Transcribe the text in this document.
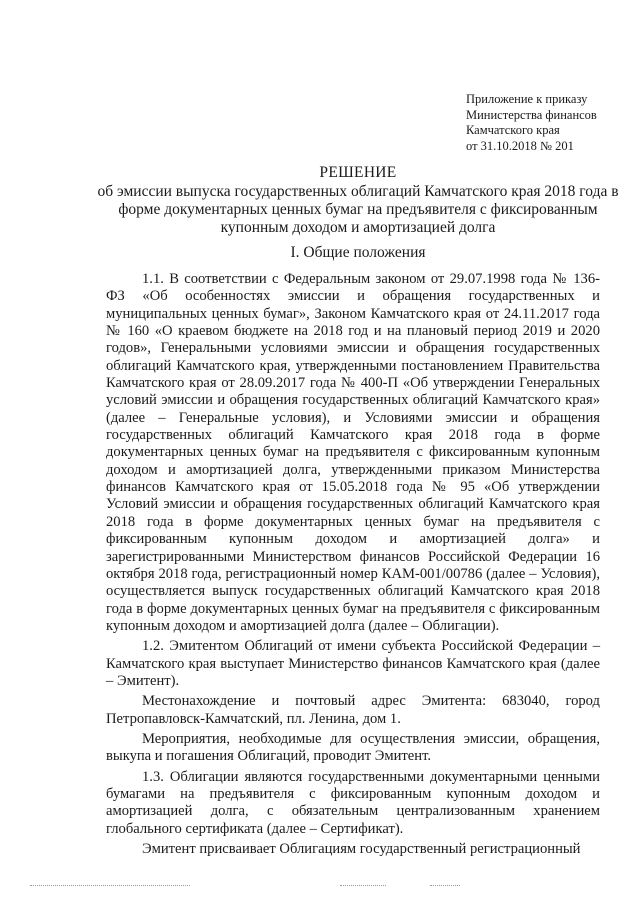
Приложение к приказу
Министерства финансов
Камчатского края
от 31.10.2018 № 201
РЕШЕНИЕ
об эмиссии выпуска государственных облигаций Камчатского края 2018 года в
форме документарных ценных бумаг на предъявителя с фиксированным
купонным доходом и амортизацией долга
I. Общие положения

1.1. В соответствии с Федеральным законом от 29.07.1998 года № 136-ФЗ «Об особенностях эмиссии и обращения государственных и муниципальных ценных бумаг», Законом Камчатского края от 24.11.2017 года № 160 «О краевом бюджете на 2018 год и на плановый период 2019 и 2020 годов», Генеральными условиями эмиссии и обращения государственных облигаций Камчатского края, утвержденными постановлением Правительства Камчатского края от 28.09.2017 года № 400-П «Об утверждении Генеральных условий эмиссии и обращения государственных облигаций Камчатского края» (далее – Генеральные условия), и Условиями эмиссии и обращения государственных облигаций Камчатского края 2018 года в форме документарных ценных бумаг на предъявителя с фиксированным купонным доходом и амортизацией долга, утвержденными приказом Министерства финансов Камчатского края от 15.05.2018 года № 95 «Об утверждении Условий эмиссии и обращения государственных облигаций Камчатского края 2018 года в форме документарных ценных бумаг на предъявителя с фиксированным купонным доходом и амортизацией долга» и зарегистрированными Министерством финансов Российской Федерации 16 октября 2018 года, регистрационный номер КАМ-001/00786 (далее – Условия), осуществляется выпуск государственных облигаций Камчатского края 2018 года в форме документарных ценных бумаг на предъявителя с фиксированным купонным доходом и амортизацией долга (далее – Облигации).

1.2. Эмитентом Облигаций от имени субъекта Российской Федерации – Камчатского края выступает Министерство финансов Камчатского края (далее – Эмитент).

Местонахождение и почтовый адрес Эмитента: 683040, город Петропавловск-Камчатский, пл. Ленина, дом 1.

Мероприятия, необходимые для осуществления эмиссии, обращения, выкупа и погашения Облигаций, проводит Эмитент.

1.3. Облигации являются государственными документарными ценными бумагами на предъявителя с фиксированным купонным доходом и амортизацией долга, с обязательным централизованным хранением глобального сертификата (далее – Сертификат).

Эмитент присваивает Облигациям государственный регистрационный
